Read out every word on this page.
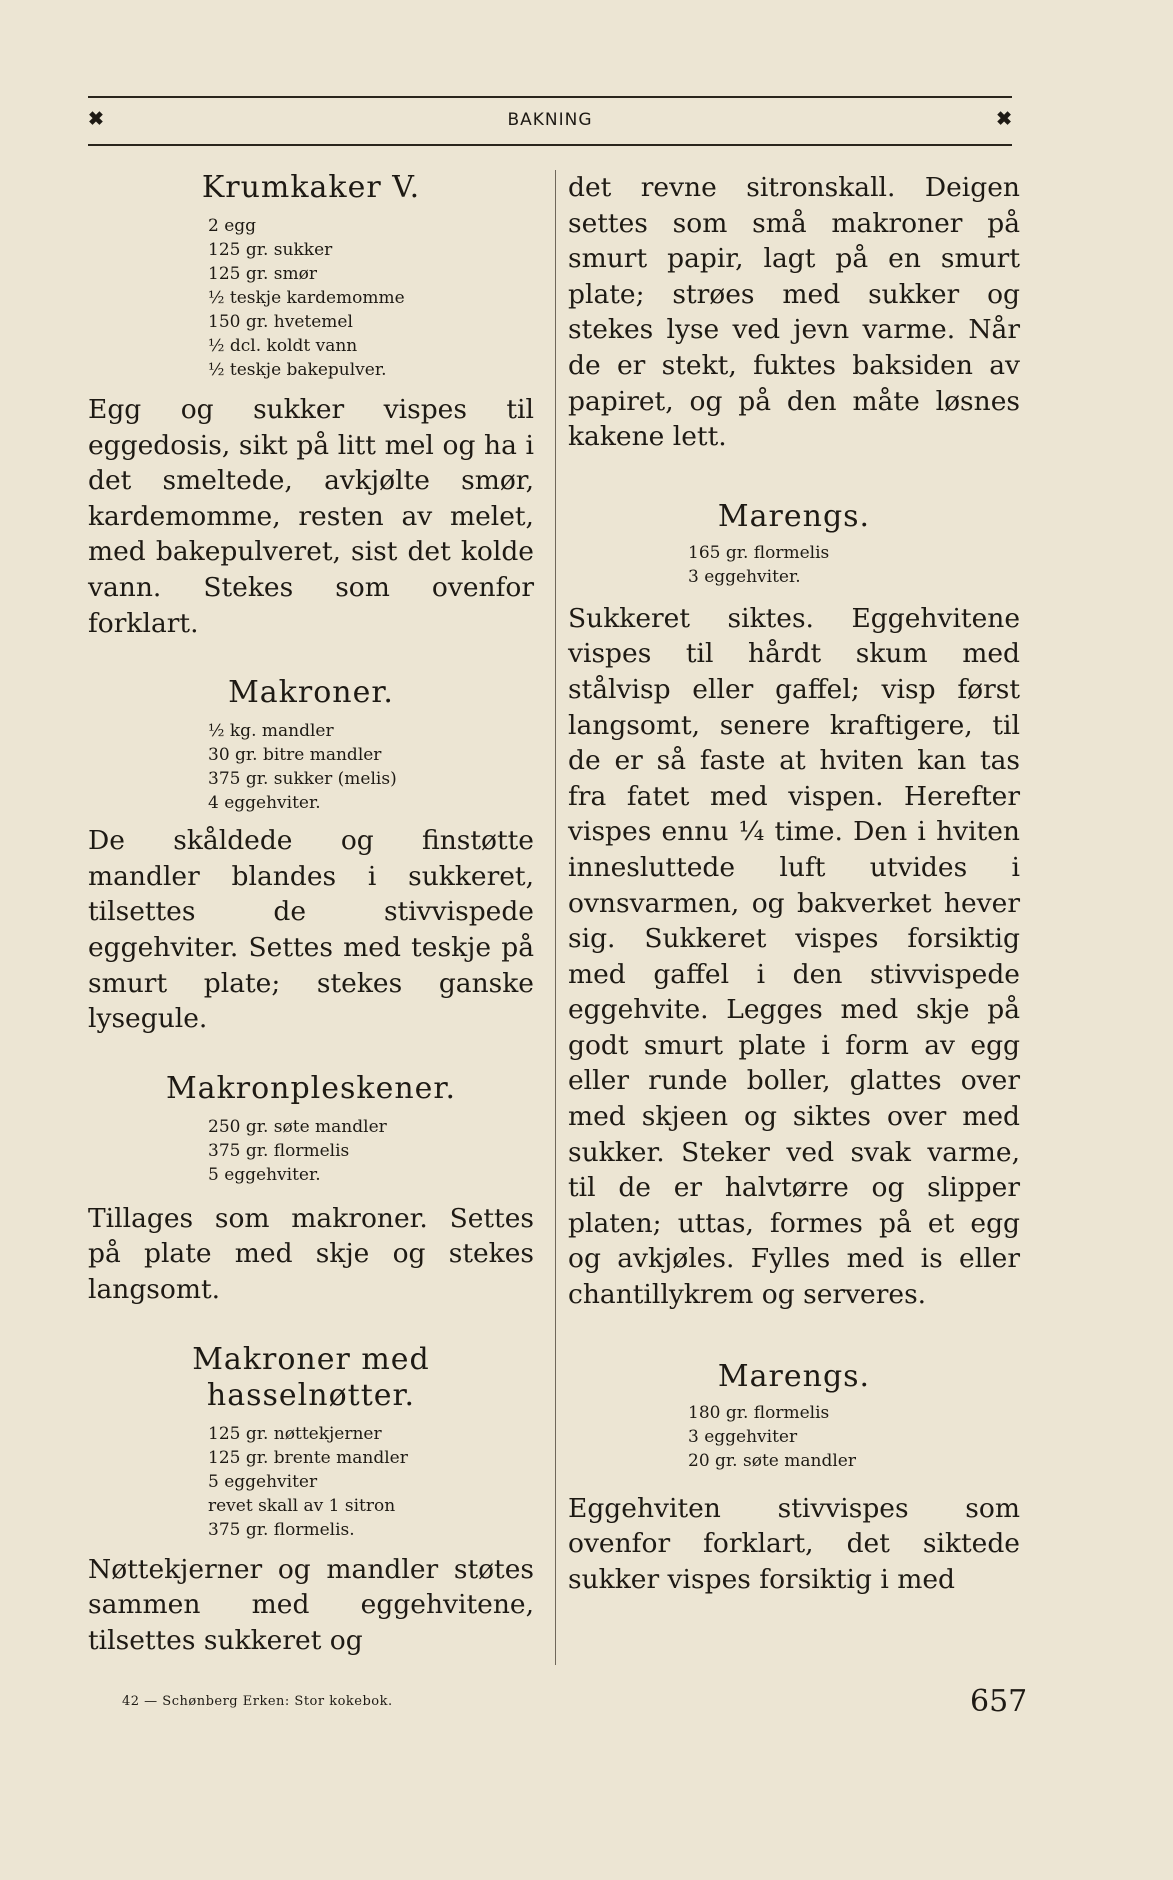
✖	BAKNING	✖
Krumkaker V.
2 egg
125 gr. sukker
125 gr. smør
½ teskje kardemomme
150 gr. hvetemel
½ dcl. koldt vann
½ teskje bakepulver.

Egg og sukker vispes til eggedosis, sikt på litt mel og ha i det smeltede, avkjølte smør, kardemomme, resten av melet, med bakepulveret, sist det kolde vann. Stekes som ovenfor forklart.

Makroner.
½ kg. mandler
30 gr. bitre mandler
375 gr. sukker (melis)
4 eggehviter.

De skåldede og finstøtte mandler blandes i sukkeret, tilsettes de stivvispede eggehviter. Settes med teskje på smurt plate; stekes ganske lysegule.

Makronpleskener.
250 gr. søte mandler
375 gr. flormelis
5 eggehviter.

Tillages som makroner. Settes på plate med skje og stekes langsomt.

Makroner med hasselnøtter.
125 gr. nøttekjerner
125 gr. brente mandler
5 eggehviter
revet skall av 1 sitron
375 gr. flormelis.

Nøttekjerner og mandler støtes sammen med eggehvitene, tilsettes sukkeret og

det revne sitronskall. Deigen settes som små makroner på smurt papir, lagt på en smurt plate; strøes med sukker og stekes lyse ved jevn varme. Når de er stekt, fuktes baksiden av papiret, og på den måte løsnes kakene lett.

Marengs.
165 gr. flormelis
3 eggehviter.

Sukkeret siktes. Eggehvitene vispes til hårdt skum med stålvisp eller gaffel; visp først langsomt, senere kraftigere, til de er så faste at hviten kan tas fra fatet med vispen. Herefter vispes ennu ¼ time. Den i hviten innesluttede luft utvides i ovnsvarmen, og bakverket hever sig. Sukkeret vispes forsiktig med gaffel i den stivvispede eggehvite. Legges med skje på godt smurt plate i form av egg eller runde boller, glattes over med skjeen og siktes over med sukker. Steker ved svak varme, til de er halvtørre og slipper platen; uttas, formes på et egg og avkjøles. Fylles med is eller chantillykrem og serveres.

Marengs.
180 gr. flormelis
3 eggehviter
20 gr. søte mandler

Eggehviten stivvispes som ovenfor forklart, det siktede sukker vispes forsiktig i med

42 — Schønberg Erken: Stor kokebok.	657
